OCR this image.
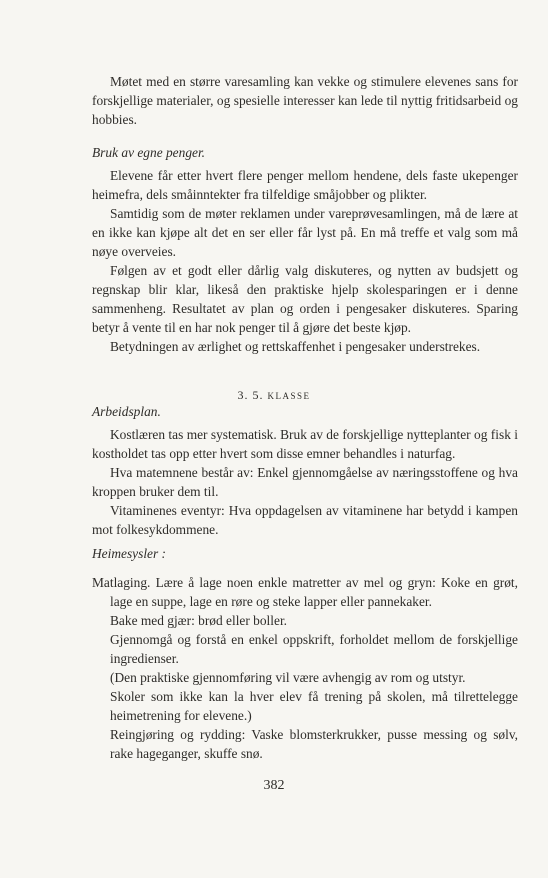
Møtet med en større varesamling kan vekke og stimulere elevenes sans for forskjellige materialer, og spesielle interesser kan lede til nyttig fritidsarbeid og hobbies.

Bruk av egne penger.

Elevene får etter hvert flere penger mellom hendene, dels faste ukepenger heimefra, dels småinntekter fra tilfeldige småjobber og plikter.

Samtidig som de møter reklamen under vareprøvesamlingen, må de lære at en ikke kan kjøpe alt det en ser eller får lyst på. En må treffe et valg som må nøye overveies.

Følgen av et godt eller dårlig valg diskuteres, og nytten av budsjett og regnskap blir klar, likeså den praktiske hjelp skolesparingen er i denne sammenheng. Resultatet av plan og orden i pengesaker diskuteres. Sparing betyr å vente til en har nok penger til å gjøre det beste kjøp.

Betydningen av ærlighet og rettskaffenhet i pengesaker understrekes.

3. 5. KLASSE

Arbeidsplan.

Kostlæren tas mer systematisk. Bruk av de forskjellige nytteplanter og fisk i kostholdet tas opp etter hvert som disse emner behandles i naturfag.

Hva matemnene består av: Enkel gjennomgåelse av næringsstoffene og hva kroppen bruker dem til.

Vitaminenes eventyr: Hva oppdagelsen av vitaminene har betydd i kampen mot folkesykdommene.

Heimesysler :

Matlaging. Lære å lage noen enkle matretter av mel og gryn: Koke en grøt, lage en suppe, lage en røre og steke lapper eller pannekaker.

Bake med gjær: brød eller boller.

Gjennomgå og forstå en enkel oppskrift, forholdet mellom de forskjellige ingredienser.

(Den praktiske gjennomføring vil være avhengig av rom og utstyr.

Skoler som ikke kan la hver elev få trening på skolen, må tilrettelegge heimetrening for elevene.)

Reingjøring og rydding: Vaske blomsterkrukker, pusse messing og sølv, rake hageganger, skuffe snø.

382
